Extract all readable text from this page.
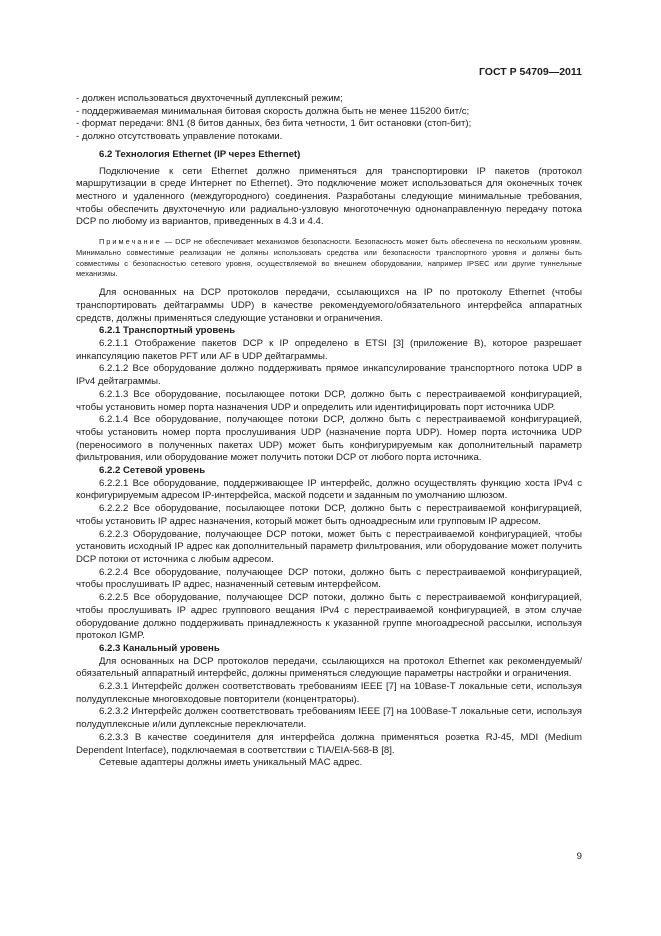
ГОСТ Р 54709—2011
- должен использоваться двухточечный дуплексный режим;
- поддерживаемая минимальная битовая скорость должна быть не менее 115200 бит/с;
- формат передачи: 8N1 (8 битов данных, без бита четности, 1 бит остановки (стоп-бит);
- должно отсутствовать управление потоками.

6.2 Технология Ethernet (IP через Ethernet)

Подключение к сети Ethernet должно применяться для транспортировки IP пакетов (протокол маршрутизации в среде Интернет по Ethernet). Это подключение может использоваться для оконечных точек местного и удаленного (междугородного) соединения. Разработаны следующие минимальные требования, чтобы обеспечить двухточечную или радиально-узловую многоточечную однонаправленную передачу потока DCP по любому из вариантов, приведенных в 4.3 и 4.4.

Примечание — DCP не обеспечивает механизмов безопасности. Безопасность может быть обеспечена по нескольким уровням. Минимально совместимые реализации не должны использовать средства или безопасности транспортного уровня и должны быть совместимы с безопасностью сетевого уровня, осуществляемой во внешнем оборудовании, например IPSEC или другие туннельные механизмы.

Для основанных на DCP протоколов передачи, ссылающихся на IP по протоколу Ethernet (чтобы транспортировать дейтаграммы UDP) в качестве рекомендуемого/обязательного интерфейса аппаратных средств, должны применяться следующие установки и ограничения.

6.2.1 Транспортный уровень

6.2.1.1 Отображение пакетов DCP к IP определено в ETSI [3] (приложение В), которое разрешает инкапсуляцию пакетов PFT или AF в UDP дейтаграммы.

6.2.1.2 Все оборудование должно поддерживать прямое инкапсулирование транспортного потока UDP в IPv4 дейтаграммы.

6.2.1.3 Все оборудование, посылающее потоки DCP, должно быть с перестраиваемой конфигурацией, чтобы установить номер порта назначения UDP и определить или идентифицировать порт источника UDP.

6.2.1.4 Все оборудование, получающее потоки DCP, должно быть с перестраиваемой конфигурацией, чтобы установить номер порта прослушивания UDP (назначение порта UDP). Номер порта источника UDP (переносимого в полученных пакетах UDP) может быть конфигурируемым как дополнительный параметр фильтрования, или оборудование может получить потоки DCP от любого порта источника.

6.2.2 Сетевой уровень

6.2.2.1 Все оборудование, поддерживающее IP интерфейс, должно осуществлять функцию хоста IPv4 с конфигурируемым адресом IP-интерфейса, маской подсети и заданным по умолчанию шлюзом.

6.2.2.2 Все оборудование, посылающее потоки DCP, должно быть с перестраиваемой конфигурацией, чтобы установить IP адрес назначения, который может быть одноадресным или групповым IP адресом.

6.2.2.3 Оборудование, получающее DCP потоки, может быть с перестраиваемой конфигурацией, чтобы установить исходный IP адрес как дополнительный параметр фильтрования, или оборудование может получить DCP потоки от источника с любым адресом.

6.2.2.4 Все оборудование, получающее DCP потоки, должно быть с перестраиваемой конфигурацией, чтобы прослушивать IP адрес, назначенный сетевым интерфейсом.

6.2.2.5 Все оборудование, получающее DCP потоки, должно быть с перестраиваемой конфигурацией, чтобы прослушивать IP адрес группового вещания IPv4 с перестраиваемой конфигурацией, в этом случае оборудование должно поддерживать принадлежность к указанной группе многоадресной рассылки, используя протокол IGMP.

6.2.3 Канальный уровень

Для основанных на DCP протоколов передачи, ссылающихся на протокол Ethernet как рекомендуемый/обязательный аппаратный интерфейс, должны применяться следующие параметры настройки и ограничения.

6.2.3.1 Интерфейс должен соответствовать требованиям IEEE [7] на 10Base-T локальные сети, используя полудуплексные многовходовые повторители (концентраторы).

6.2.3.2 Интерфейс должен соответствовать требованиям IEEE [7] на 100Base-T локальные сети, используя полудуплексные и/или дуплексные переключатели.

6.2.3.3 В качестве соединителя для интерфейса должна применяться розетка RJ-45, MDI (Medium Dependent Interface), подключаемая в соответствии с TIA/EIA-568-B [8].

Сетевые адаптеры должны иметь уникальный MAC адрес.

9
